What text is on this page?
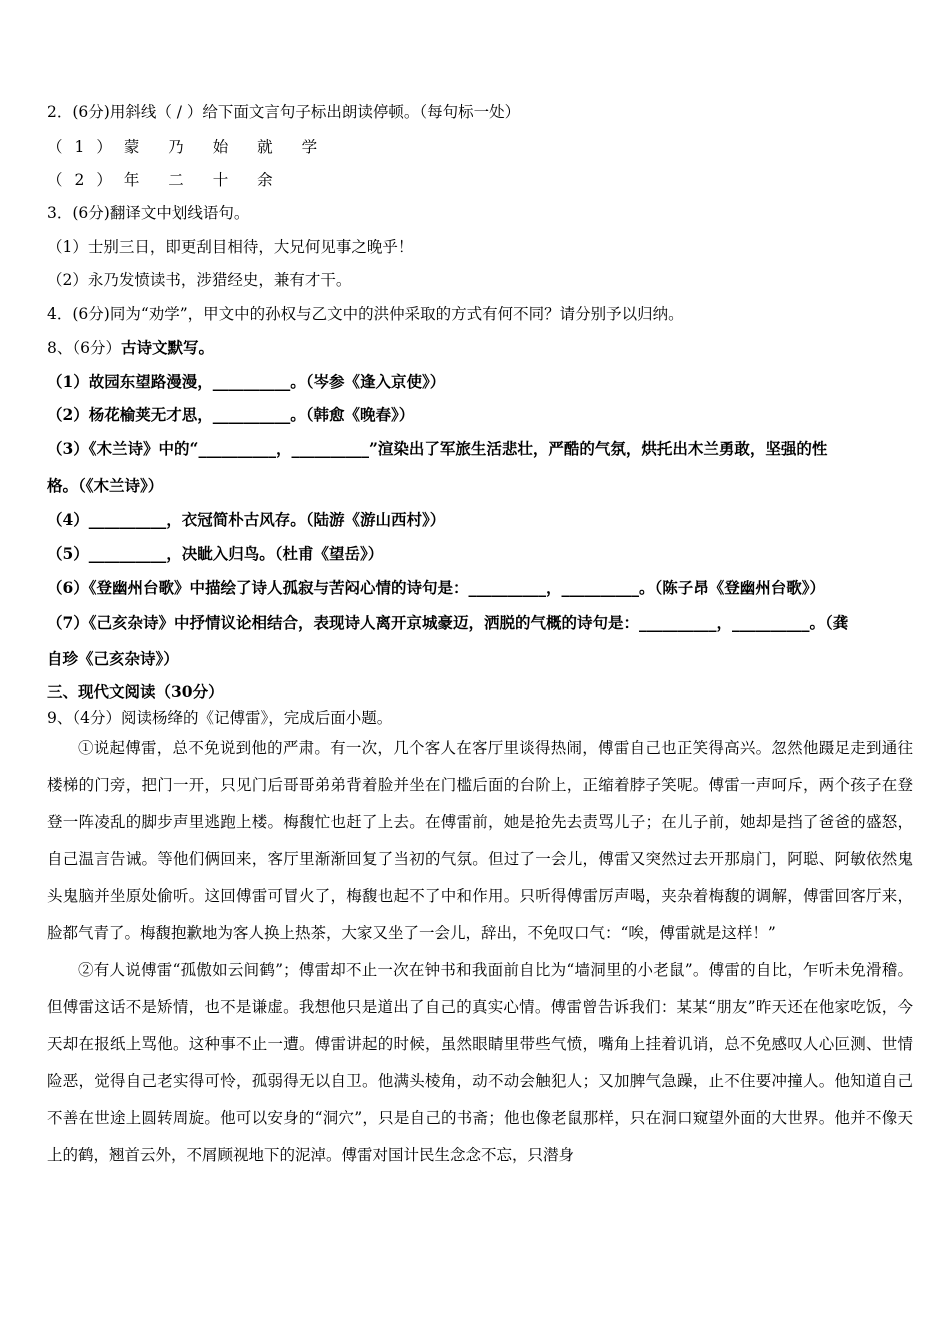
2．(6分)用斜线（ / ）给下面文言句子标出朗读停顿。（每句标一处）
（1）蒙 乃 始 就 学
（2）年 二 十 余
3．(6分)翻译文中划线语句。
（1）士别三日，即更刮目相待，大兄何见事之晚乎！
（2）永乃发愤读书，涉猎经史，兼有才干。
4．(6分)同为“劝学”，甲文中的孙权与乙文中的洪仲采取的方式有何不同？请分别予以归纳。
8、（6分）古诗文默写。
（1）故园东望路漫漫，__________。（岑参《逢入京使》）
（2）杨花榆荚无才思，__________。（韩愈《晚春》）
（3）《木兰诗》中的“__________，__________”渲染出了军旅生活悲壮，严酷的气氛，烘托出木兰勇敢，坚强的性
格。（《木兰诗》）
（4）__________，衣冠简朴古风存。（陆游《游山西村》）
（5）__________，决眦入归鸟。（杜甫《望岳》）
（6）《登幽州台歌》中描绘了诗人孤寂与苦闷心情的诗句是：__________，__________。（陈子昂《登幽州台歌》）
（7）《己亥杂诗》中抒情议论相结合，表现诗人离开京城豪迈，洒脱的气概的诗句是：__________，__________。（龚
自珍《己亥杂诗》）
三、现代文阅读（30分）
9、（4分）阅读杨绛的《记傅雷》，完成后面小题。

①说起傅雷，总不免说到他的严肃。有一次，几个客人在客厅里谈得热闹，傅雷自己也正笑得高兴。忽然他蹑足走到通往楼梯的门旁，把门一开，只见门后哥哥弟弟背着脸并坐在门槛后面的台阶上，正缩着脖子笑呢。傅雷一声呵斥，两个孩子在登登一阵凌乱的脚步声里逃跑上楼。梅馥忙也赶了上去。在傅雷前，她是抢先去责骂儿子；在儿子前，她却是挡了爸爸的盛怒，自己温言告诫。等他们俩回来，客厅里渐渐回复了当初的气氛。但过了一会儿，傅雷又突然过去开那扇门，阿聪、阿敏依然鬼头鬼脑并坐原处偷听。这回傅雷可冒火了，梅馥也起不了中和作用。只听得傅雷厉声喝，夹杂着梅馥的调解，傅雷回客厅来，脸都气青了。梅馥抱歉地为客人换上热茶，大家又坐了一会儿，辞出，不免叹口气：“唉，傅雷就是这样！”

②有人说傅雷“孤傲如云间鹤”；傅雷却不止一次在钟书和我面前自比为“墙洞里的小老鼠”。傅雷的自比，乍听未免滑稽。但傅雷这话不是矫情，也不是谦虚。我想他只是道出了自己的真实心情。傅雷曾告诉我们：某某“朋友”昨天还在他家吃饭，今天却在报纸上骂他。这种事不止一遭。傅雷讲起的时候，虽然眼睛里带些气愤，嘴角上挂着讥诮，总不免感叹人心叵测、世情险恶，觉得自己老实得可怜，孤弱得无以自卫。他满头棱角，动不动会触犯人；又加脾气急躁，止不住要冲撞人。他知道自己不善在世途上圆转周旋。他可以安身的“洞穴”，只是自己的书斋；他也像老鼠那样，只在洞口窥望外面的大世界。他并不像天上的鹤，翘首云外，不屑顾视地下的泥淖。傅雷对国计民生念念不忘，只潜身
